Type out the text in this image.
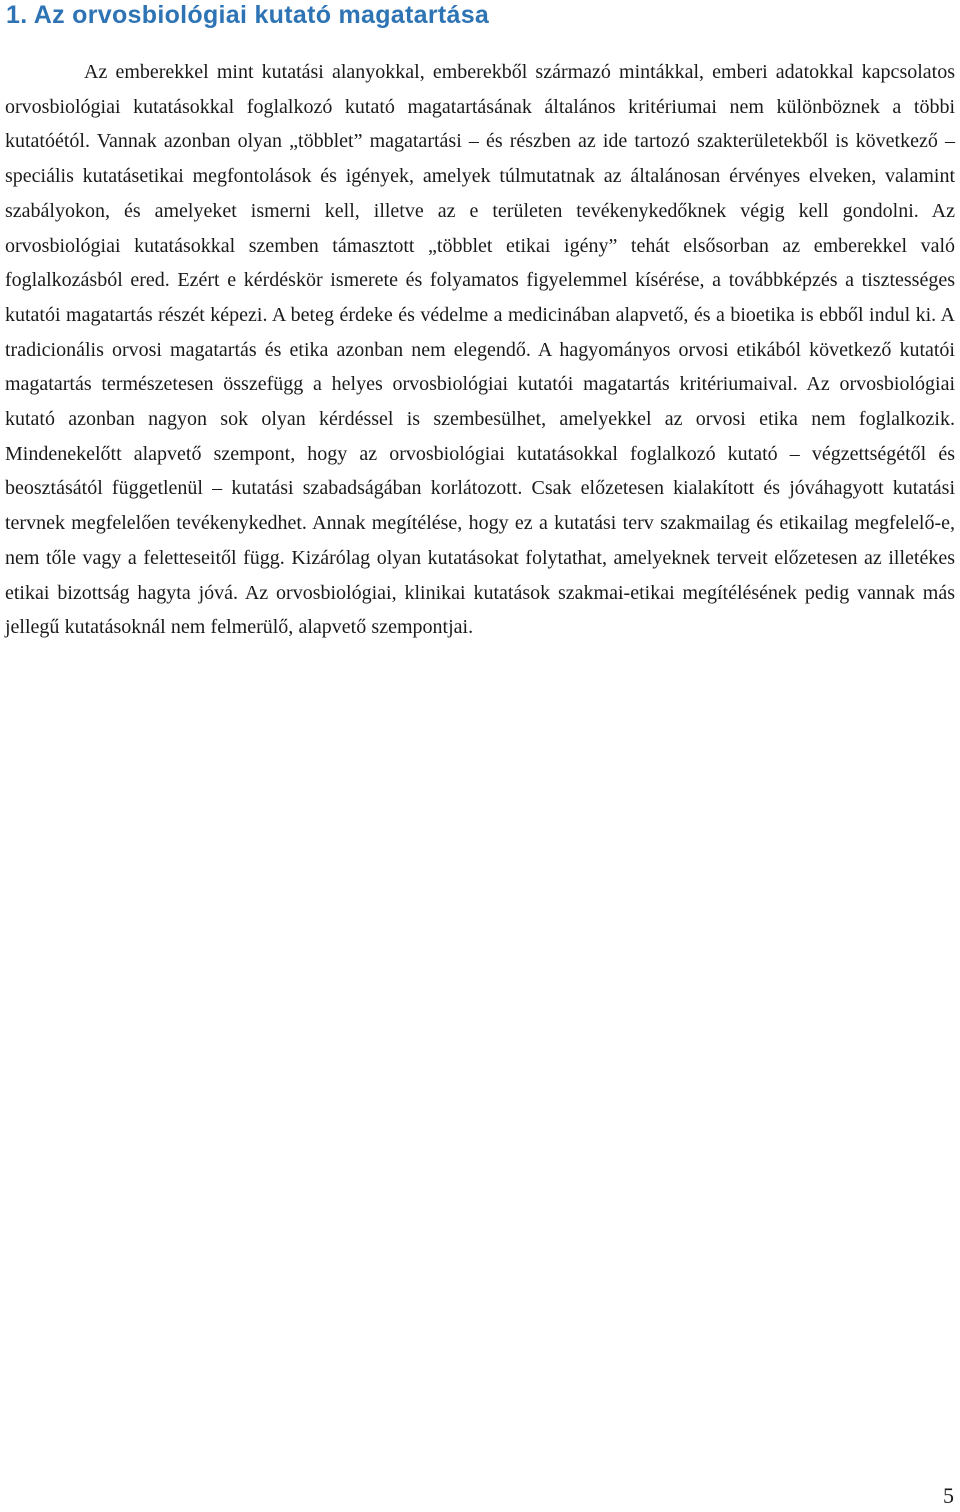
1. Az orvosbiológiai kutató magatartása

Az emberekkel mint kutatási alanyokkal, emberekből származó mintákkal, emberi adatokkal kapcsolatos orvosbiológiai kutatásokkal foglalkozó kutató magatartásának általános kritériumai nem különböznek a többi kutatóétól. Vannak azonban olyan „többlet” magatartási – és részben az ide tartozó szakterületekből is következő – speciális kutatásetikai megfontolások és igények, amelyek túlmutatnak az általánosan érvényes elveken, valamint szabályokon, és amelyeket ismerni kell, illetve az e területen tevékenykedőknek végig kell gondolni. Az orvosbiológiai kutatásokkal szemben támasztott „többlet etikai igény” tehát elsősorban az emberekkel való foglalkozásból ered. Ezért e kérdéskör ismerete és folyamatos figyelemmel kísérése, a továbbképzés a tisztességes kutatói magatartás részét képezi. A beteg érdeke és védelme a medicinában alapvető, és a bioetika is ebből indul ki. A tradicionális orvosi magatartás és etika azonban nem elegendő. A hagyományos orvosi etikából következő kutatói magatartás természetesen összefügg a helyes orvosbiológiai kutatói magatartás kritériumaival. Az orvosbiológiai kutató azonban nagyon sok olyan kérdéssel is szembesülhet, amelyekkel az orvosi etika nem foglalkozik. Mindenekelőtt alapvető szempont, hogy az orvosbiológiai kutatásokkal foglalkozó kutató – végzettségétől és beosztásától függetlenül – kutatási szabadságában korlátozott. Csak előzetesen kialakított és jóváhagyott kutatási tervnek megfelelően tevékenykedhet. Annak megítélése, hogy ez a kutatási terv szakmailag és etikailag megfelelő-e, nem tőle vagy a feletteseitől függ. Kizárólag olyan kutatásokat folytathat, amelyeknek terveit előzetesen az illetékes etikai bizottság hagyta jóvá. Az orvosbiológiai, klinikai kutatások szakmai-etikai megítélésének pedig vannak más jellegű kutatásoknál nem felmerülő, alapvető szempontjai.

5
